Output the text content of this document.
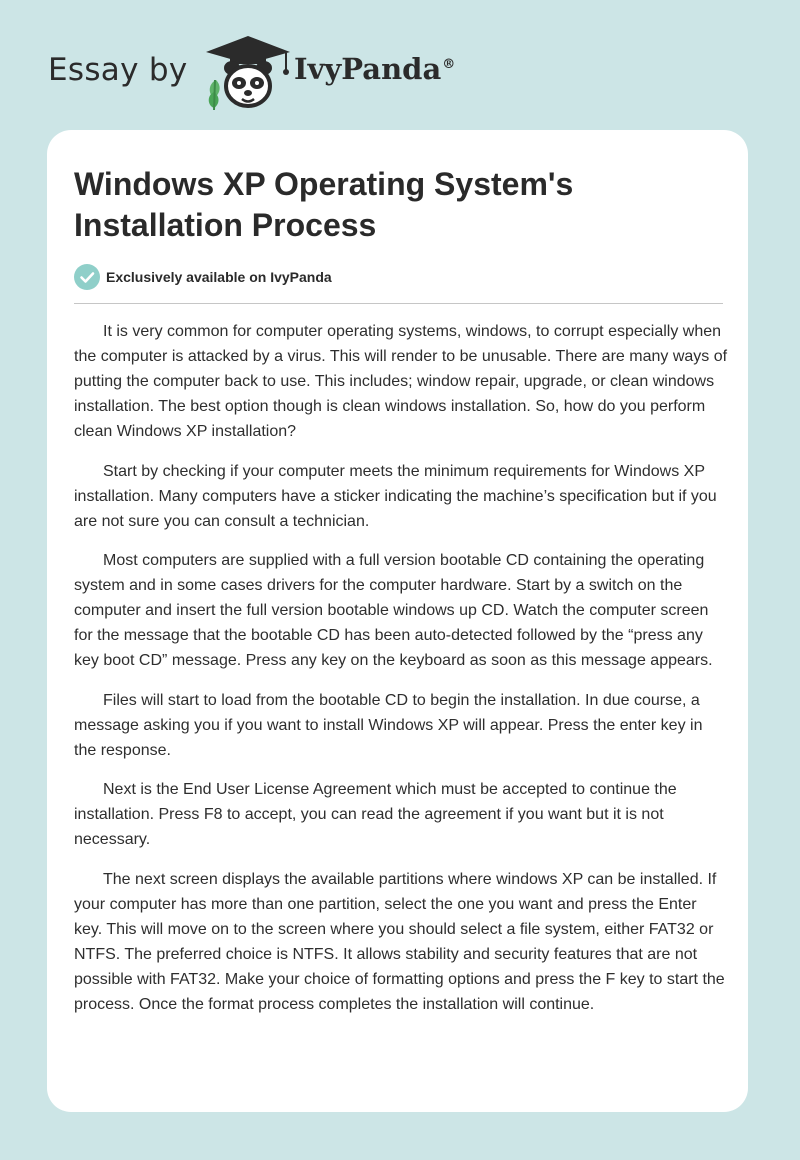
Essay by	IvyPanda®
Windows XP Operating System's Installation Process
Exclusively available on IvyPanda

It is very common for computer operating systems, windows, to corrupt especially when the computer is attacked by a virus. This will render to be unusable. There are many ways of putting the computer back to use. This includes; window repair, upgrade, or clean windows installation. The best option though is clean windows installation. So, how do you perform clean Windows XP installation?

Start by checking if your computer meets the minimum requirements for Windows XP installation. Many computers have a sticker indicating the machine’s specification but if you are not sure you can consult a technician.

Most computers are supplied with a full version bootable CD containing the operating system and in some cases drivers for the computer hardware. Start by a switch on the computer and insert the full version bootable windows up CD. Watch the computer screen for the message that the bootable CD has been auto-detected followed by the “press any key boot CD” message. Press any key on the keyboard as soon as this message appears.

Files will start to load from the bootable CD to begin the installation. In due course, a message asking you if you want to install Windows XP will appear. Press the enter key in the response.

Next is the End User License Agreement which must be accepted to continue the installation. Press F8 to accept, you can read the agreement if you want but it is not necessary.

The next screen displays the available partitions where windows XP can be installed. If your computer has more than one partition, select the one you want and press the Enter key. This will move on to the screen where you should select a file system, either FAT32 or NTFS. The preferred choice is NTFS. It allows stability and security features that are not possible with FAT32. Make your choice of formatting options and press the F key to start the process. Once the format process completes the installation will continue.
